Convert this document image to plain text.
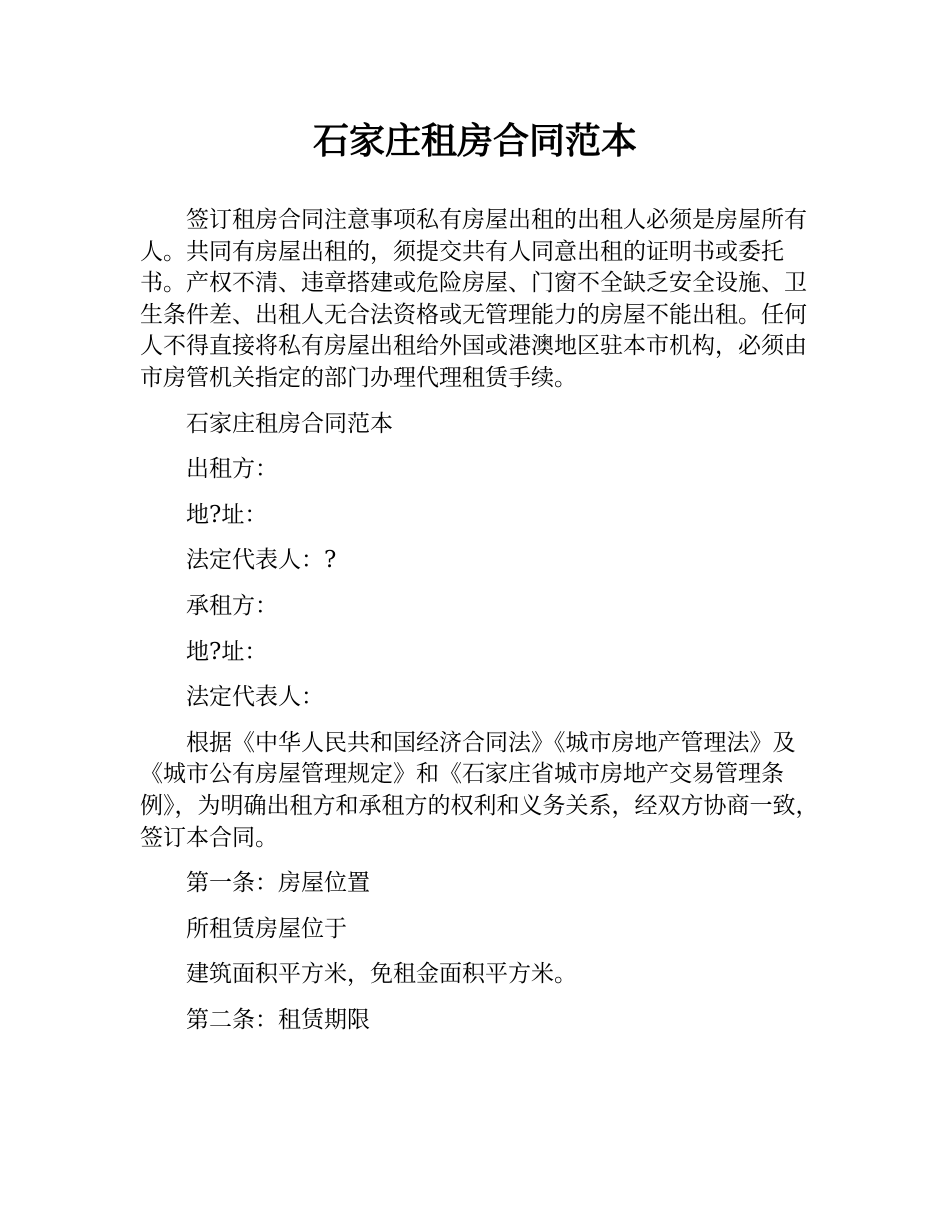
石家庄租房合同范本

签订租房合同注意事项私有房屋出租的出租人必须是房屋所有人。共同有房屋出租的，须提交共有人同意出租的证明书或委托书。产权不清、违章搭建或危险房屋、门窗不全缺乏安全设施、卫生条件差、出租人无合法资格或无管理能力的房屋不能出租。任何人不得直接将私有房屋出租给外国或港澳地区驻本市机构，必须由市房管机关指定的部门办理代理租赁手续。

石家庄租房合同范本

出租方：

地?址：

法定代表人：?

承租方：

地?址：

法定代表人：

根据《中华人民共和国经济合同法》《城市房地产管理法》及《城市公有房屋管理规定》和《石家庄省城市房地产交易管理条例》，为明确出租方和承租方的权利和义务关系，经双方协商一致，签订本合同。

第一条：房屋位置

所租赁房屋位于

建筑面积平方米，免租金面积平方米。

第二条：租赁期限
